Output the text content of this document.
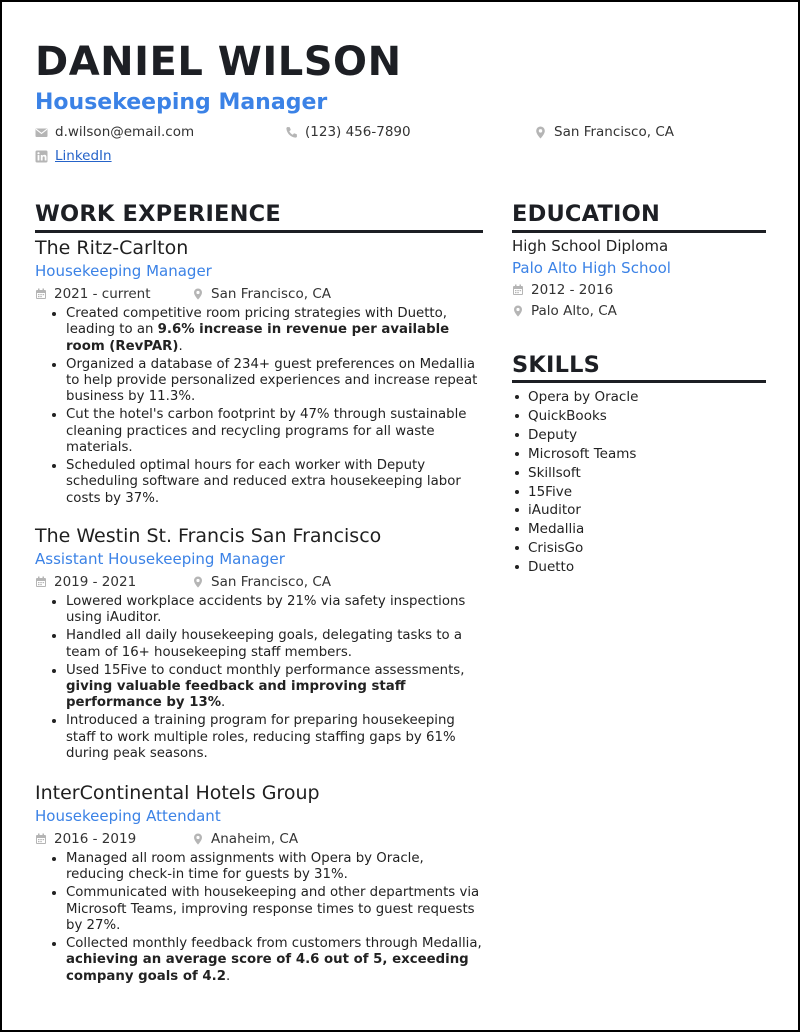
DANIEL WILSON
Housekeeping Manager
d.wilson@email.com	(123) 456-7890	San Francisco, CA
LinkedIn
WORK EXPERIENCE
The Ritz-Carlton
Housekeeping Manager
2021 - current	San Francisco, CA
Created competitive room pricing strategies with Duetto, leading to an 9.6% increase in revenue per available room (RevPAR).
Organized a database of 234+ guest preferences on Medallia to help provide personalized experiences and increase repeat business by 11.3%.
Cut the hotel's carbon footprint by 47% through sustainable cleaning practices and recycling programs for all waste materials.
Scheduled optimal hours for each worker with Deputy scheduling software and reduced extra housekeeping labor costs by 37%.
The Westin St. Francis San Francisco
Assistant Housekeeping Manager
2019 - 2021	San Francisco, CA
Lowered workplace accidents by 21% via safety inspections using iAuditor.
Handled all daily housekeeping goals, delegating tasks to a team of 16+ housekeeping staff members.
Used 15Five to conduct monthly performance assessments, giving valuable feedback and improving staff performance by 13%.
Introduced a training program for preparing housekeeping staff to work multiple roles, reducing staffing gaps by 61% during peak seasons.
InterContinental Hotels Group
Housekeeping Attendant
2016 - 2019	Anaheim, CA
Managed all room assignments with Opera by Oracle, reducing check-in time for guests by 31%.
Communicated with housekeeping and other departments via Microsoft Teams, improving response times to guest requests by 27%.
Collected monthly feedback from customers through Medallia, achieving an average score of 4.6 out of 5, exceeding company goals of 4.2.
EDUCATION
High School Diploma
Palo Alto High School
2012 - 2016
Palo Alto, CA
SKILLS
Opera by Oracle
QuickBooks
Deputy
Microsoft Teams
Skillsoft
15Five
iAuditor
Medallia
CrisisGo
Duetto
